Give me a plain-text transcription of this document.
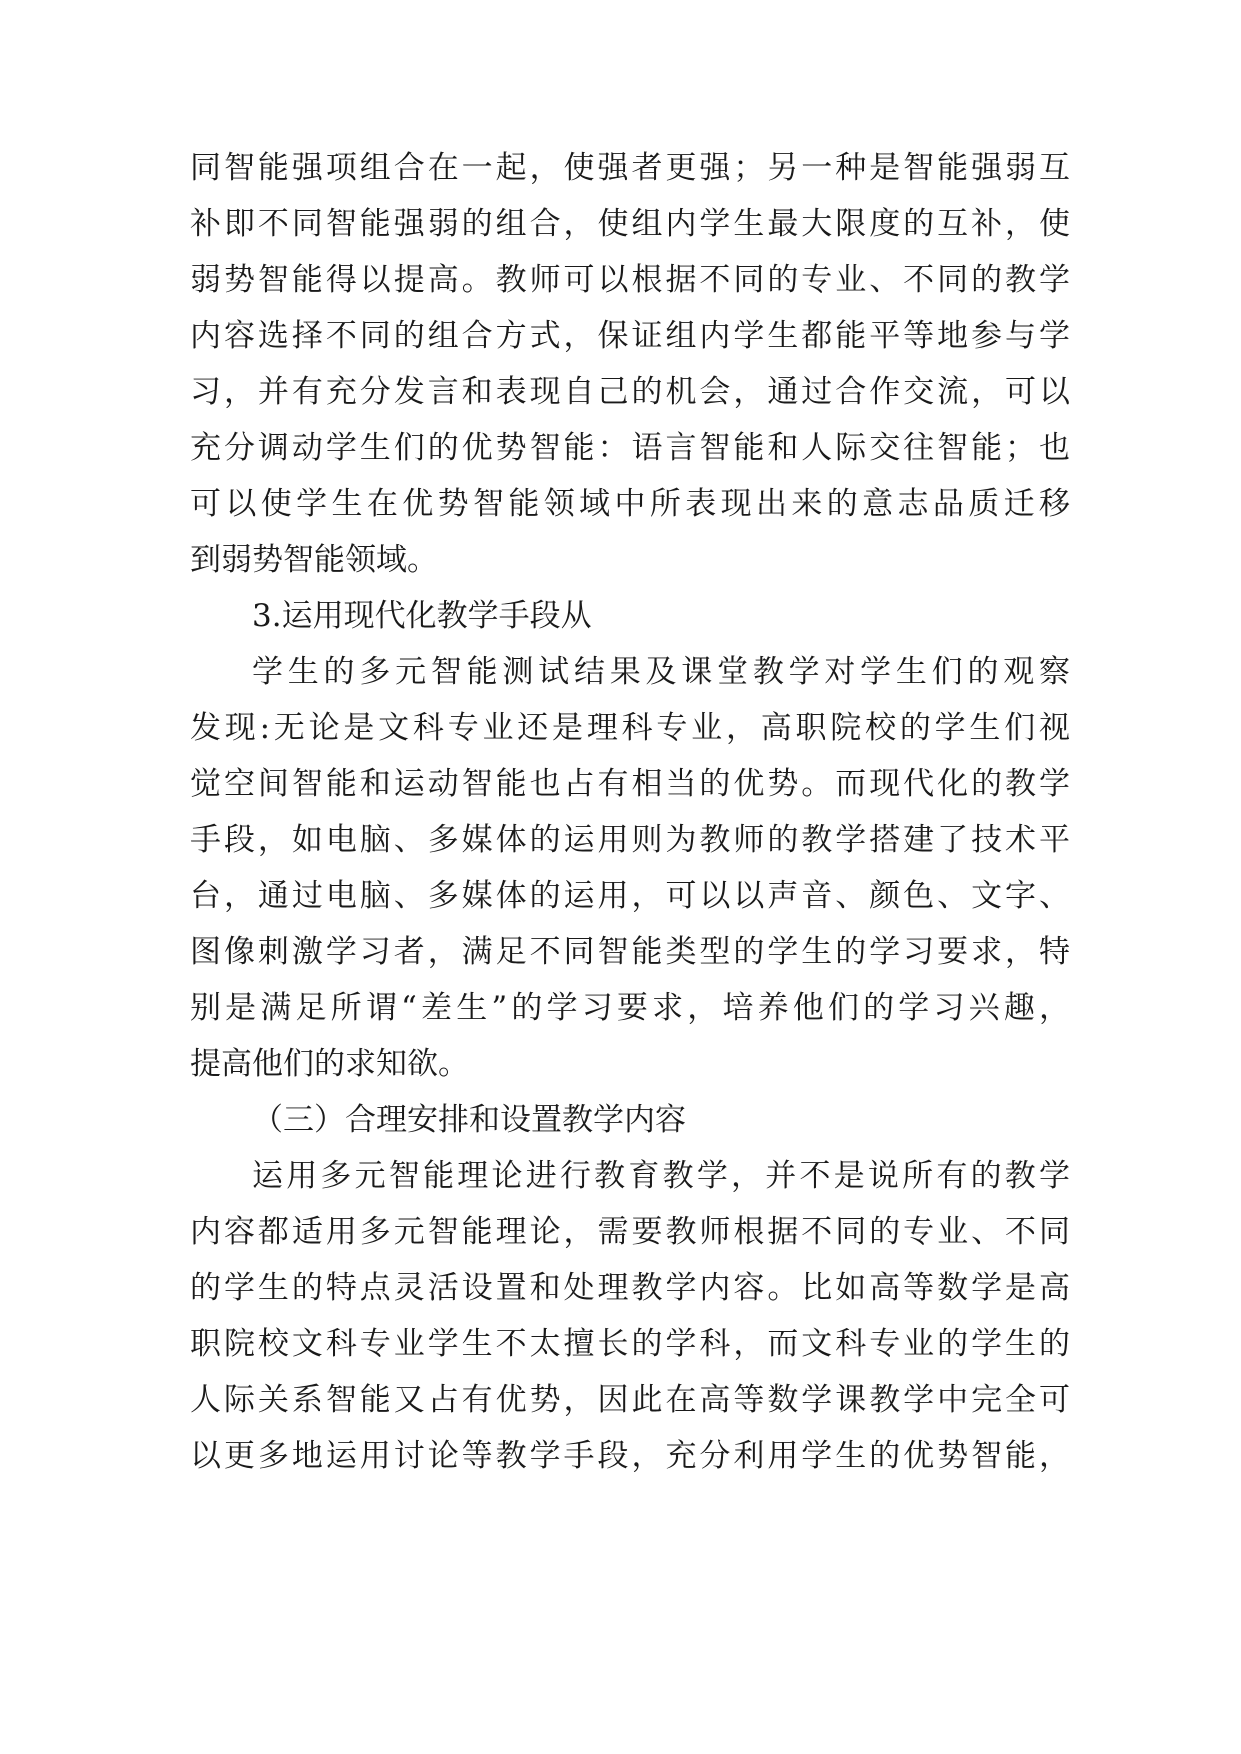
同智能强项组合在一起，使强者更强；另一种是智能强弱互
补即不同智能强弱的组合，使组内学生最大限度的互补，使
弱势智能得以提高。教师可以根据不同的专业、不同的教学
内容选择不同的组合方式，保证组内学生都能平等地参与学
习，并有充分发言和表现自己的机会，通过合作交流，可以
充分调动学生们的优势智能：语言智能和人际交往智能；也
可以使学生在优势智能领域中所表现出来的意志品质迁移
到弱势智能领域。
3.运用现代化教学手段从
学生的多元智能测试结果及课堂教学对学生们的观察
发现:无论是文科专业还是理科专业，高职院校的学生们视
觉空间智能和运动智能也占有相当的优势。而现代化的教学
手段，如电脑、多媒体的运用则为教师的教学搭建了技术平
台，通过电脑、多媒体的运用，可以以声音、颜色、文字、
图像刺激学习者，满足不同智能类型的学生的学习要求，特
别是满足所谓“差生”的学习要求，培养他们的学习兴趣，
提高他们的求知欲。
（三）合理安排和设置教学内容
运用多元智能理论进行教育教学，并不是说所有的教学
内容都适用多元智能理论，需要教师根据不同的专业、不同
的学生的特点灵活设置和处理教学内容。比如高等数学是高
职院校文科专业学生不太擅长的学科，而文科专业的学生的
人际关系智能又占有优势，因此在高等数学课教学中完全可
以更多地运用讨论等教学手段，充分利用学生的优势智能，
